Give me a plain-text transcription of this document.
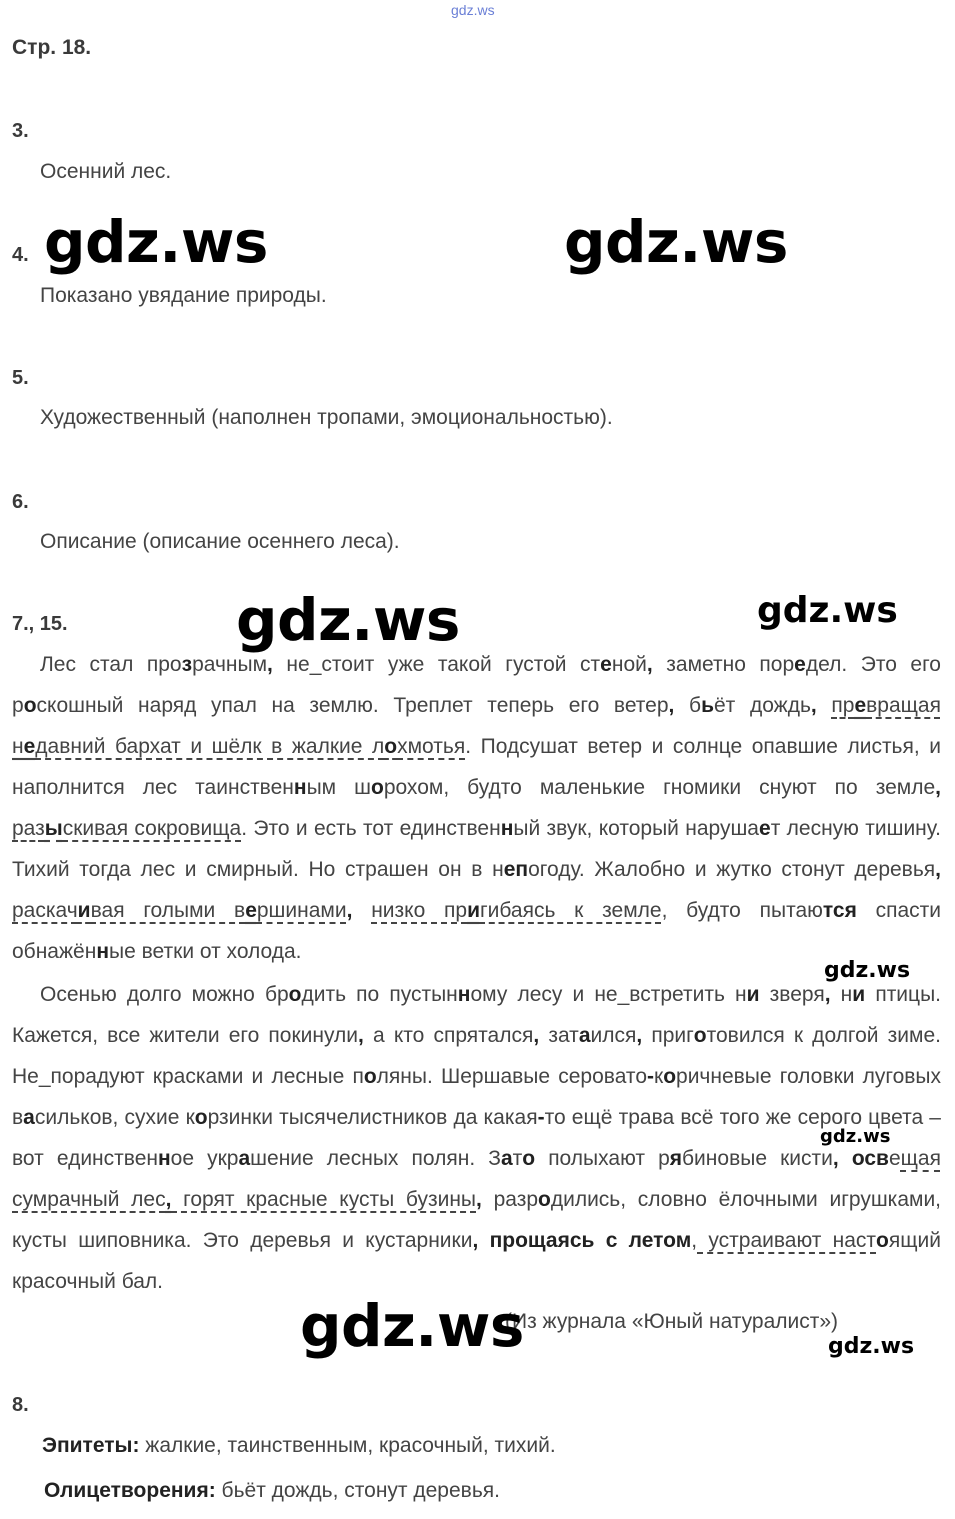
gdz.ws
Стр. 18.
3.
Осенний лес.
4.
Показано увядание природы.
5.
Художественный (наполнен тропами, эмоциональностью).
6.
Описание (описание осеннего леса).
7., 15.
Лес стал прозрачным, не_стоит уже такой густой стеной, заметно поредел. Это его роскошный наряд упал на землю. Треплет теперь его ветер, бьёт дождь, превращая недавний бархат и шёлк в жалкие лохмотья. Подсушат ветер и солнце опавшие листья, и наполнится лес таинственным шорохом, будто маленькие гномики снуют по земле, разыскивая сокровища. Это и есть тот единственный звук, который нарушает лесную тишину. Тихий тогда лес и смирный. Но страшен он в непогоду. Жалобно и жутко стонут деревья, раскачивая голыми вершинами, низко пригибаясь к земле, будто пытаются спасти обнажённые ветки от холода.
Осенью долго можно бродить по пустынному лесу и не_встретить ни зверя, ни птицы. Кажется, все жители его покинули, а кто спрятался, затаился, приготовился к долгой зиме. Не_порадуют красками и лесные поляны. Шершавые серовато-коричневые головки луговых васильков, сухие корзинки тысячелистников да какая-то ещё трава всё того же серого цвета – вот единственное украшение лесных полян. Зато полыхают рябиновые кисти, освещая сумрачный лес, горят красные кусты бузины, разродились, словно ёлочными игрушками, кусты шиповника. Это деревья и кустарники, прощаясь с летом, устраивают настоящий красочный бал.
(Из журнала «Юный натуралист»)
8.
Эпитеты: жалкие, таинственным, красочный, тихий.
Олицетворения: бьёт дождь, стонут деревья.
gdz.ws	gdz.ws
gdz.ws	gdz.ws
gdz.ws
gdz.ws
gdz.ws	gdz.ws
